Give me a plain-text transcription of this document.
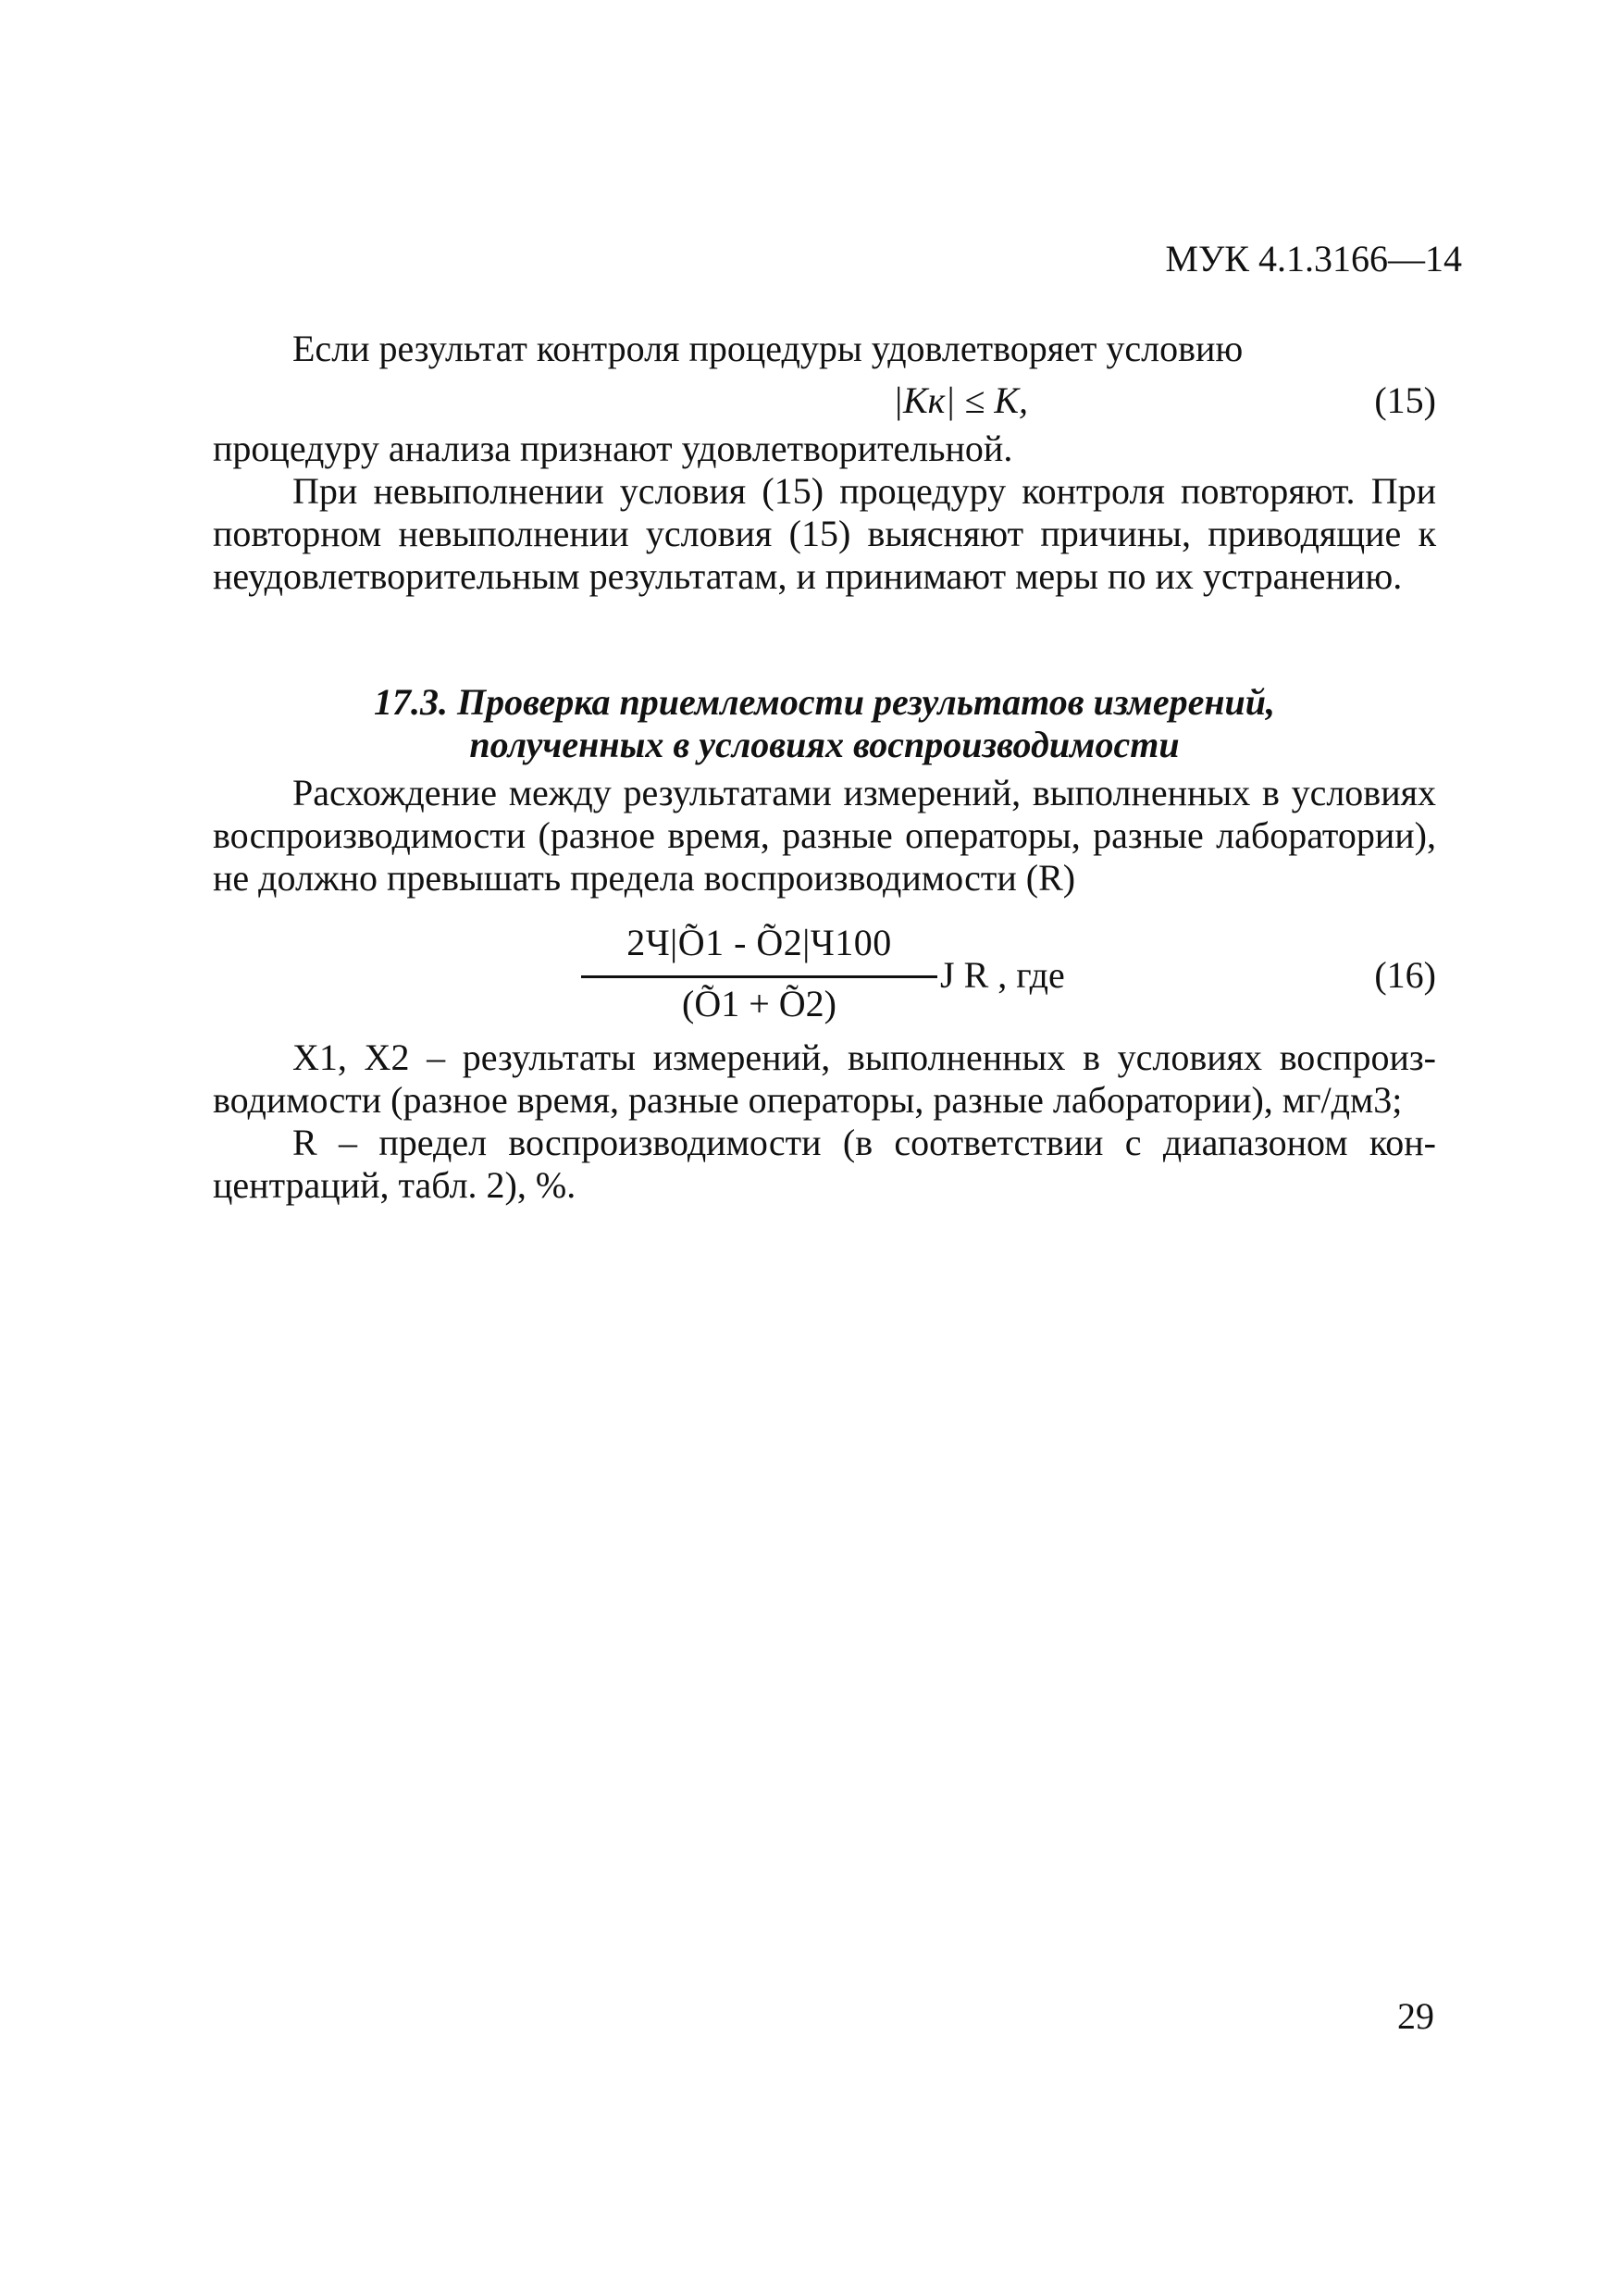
МУК 4.1.3166—14

Если результат контроля процедуры удовлетворяет условию

|Kк| ≤ K,	(15)

процедуру анализа признают удовлетворительной.

При невыполнении условия (15) процедуру контроля повторяют. При повторном невыполнении условия (15) выясняют причины, приводящие к неудовлетворительным результатам, и принимают меры по их устранению.

17.3. Проверка приемлемости результатов измерений,
полученных в условиях воспроизводимости

Расхождение между результатами измерений, выполненных в условиях воспроизводимости (разное время, разные операторы, разные лаборатории), не должно превышать предела воспроизводимости (R)

2Ч|Õ1 - Õ2|Ч100
(Õ1 + Õ2)
J R , где	(16)

X1, X2 – результаты измерений, выполненных в условиях воспроизводимости (разное время, разные операторы, разные лаборатории), мг/дм3;

R – предел воспроизводимости (в соответствии с диапазоном концентраций, табл. 2), %.

29
